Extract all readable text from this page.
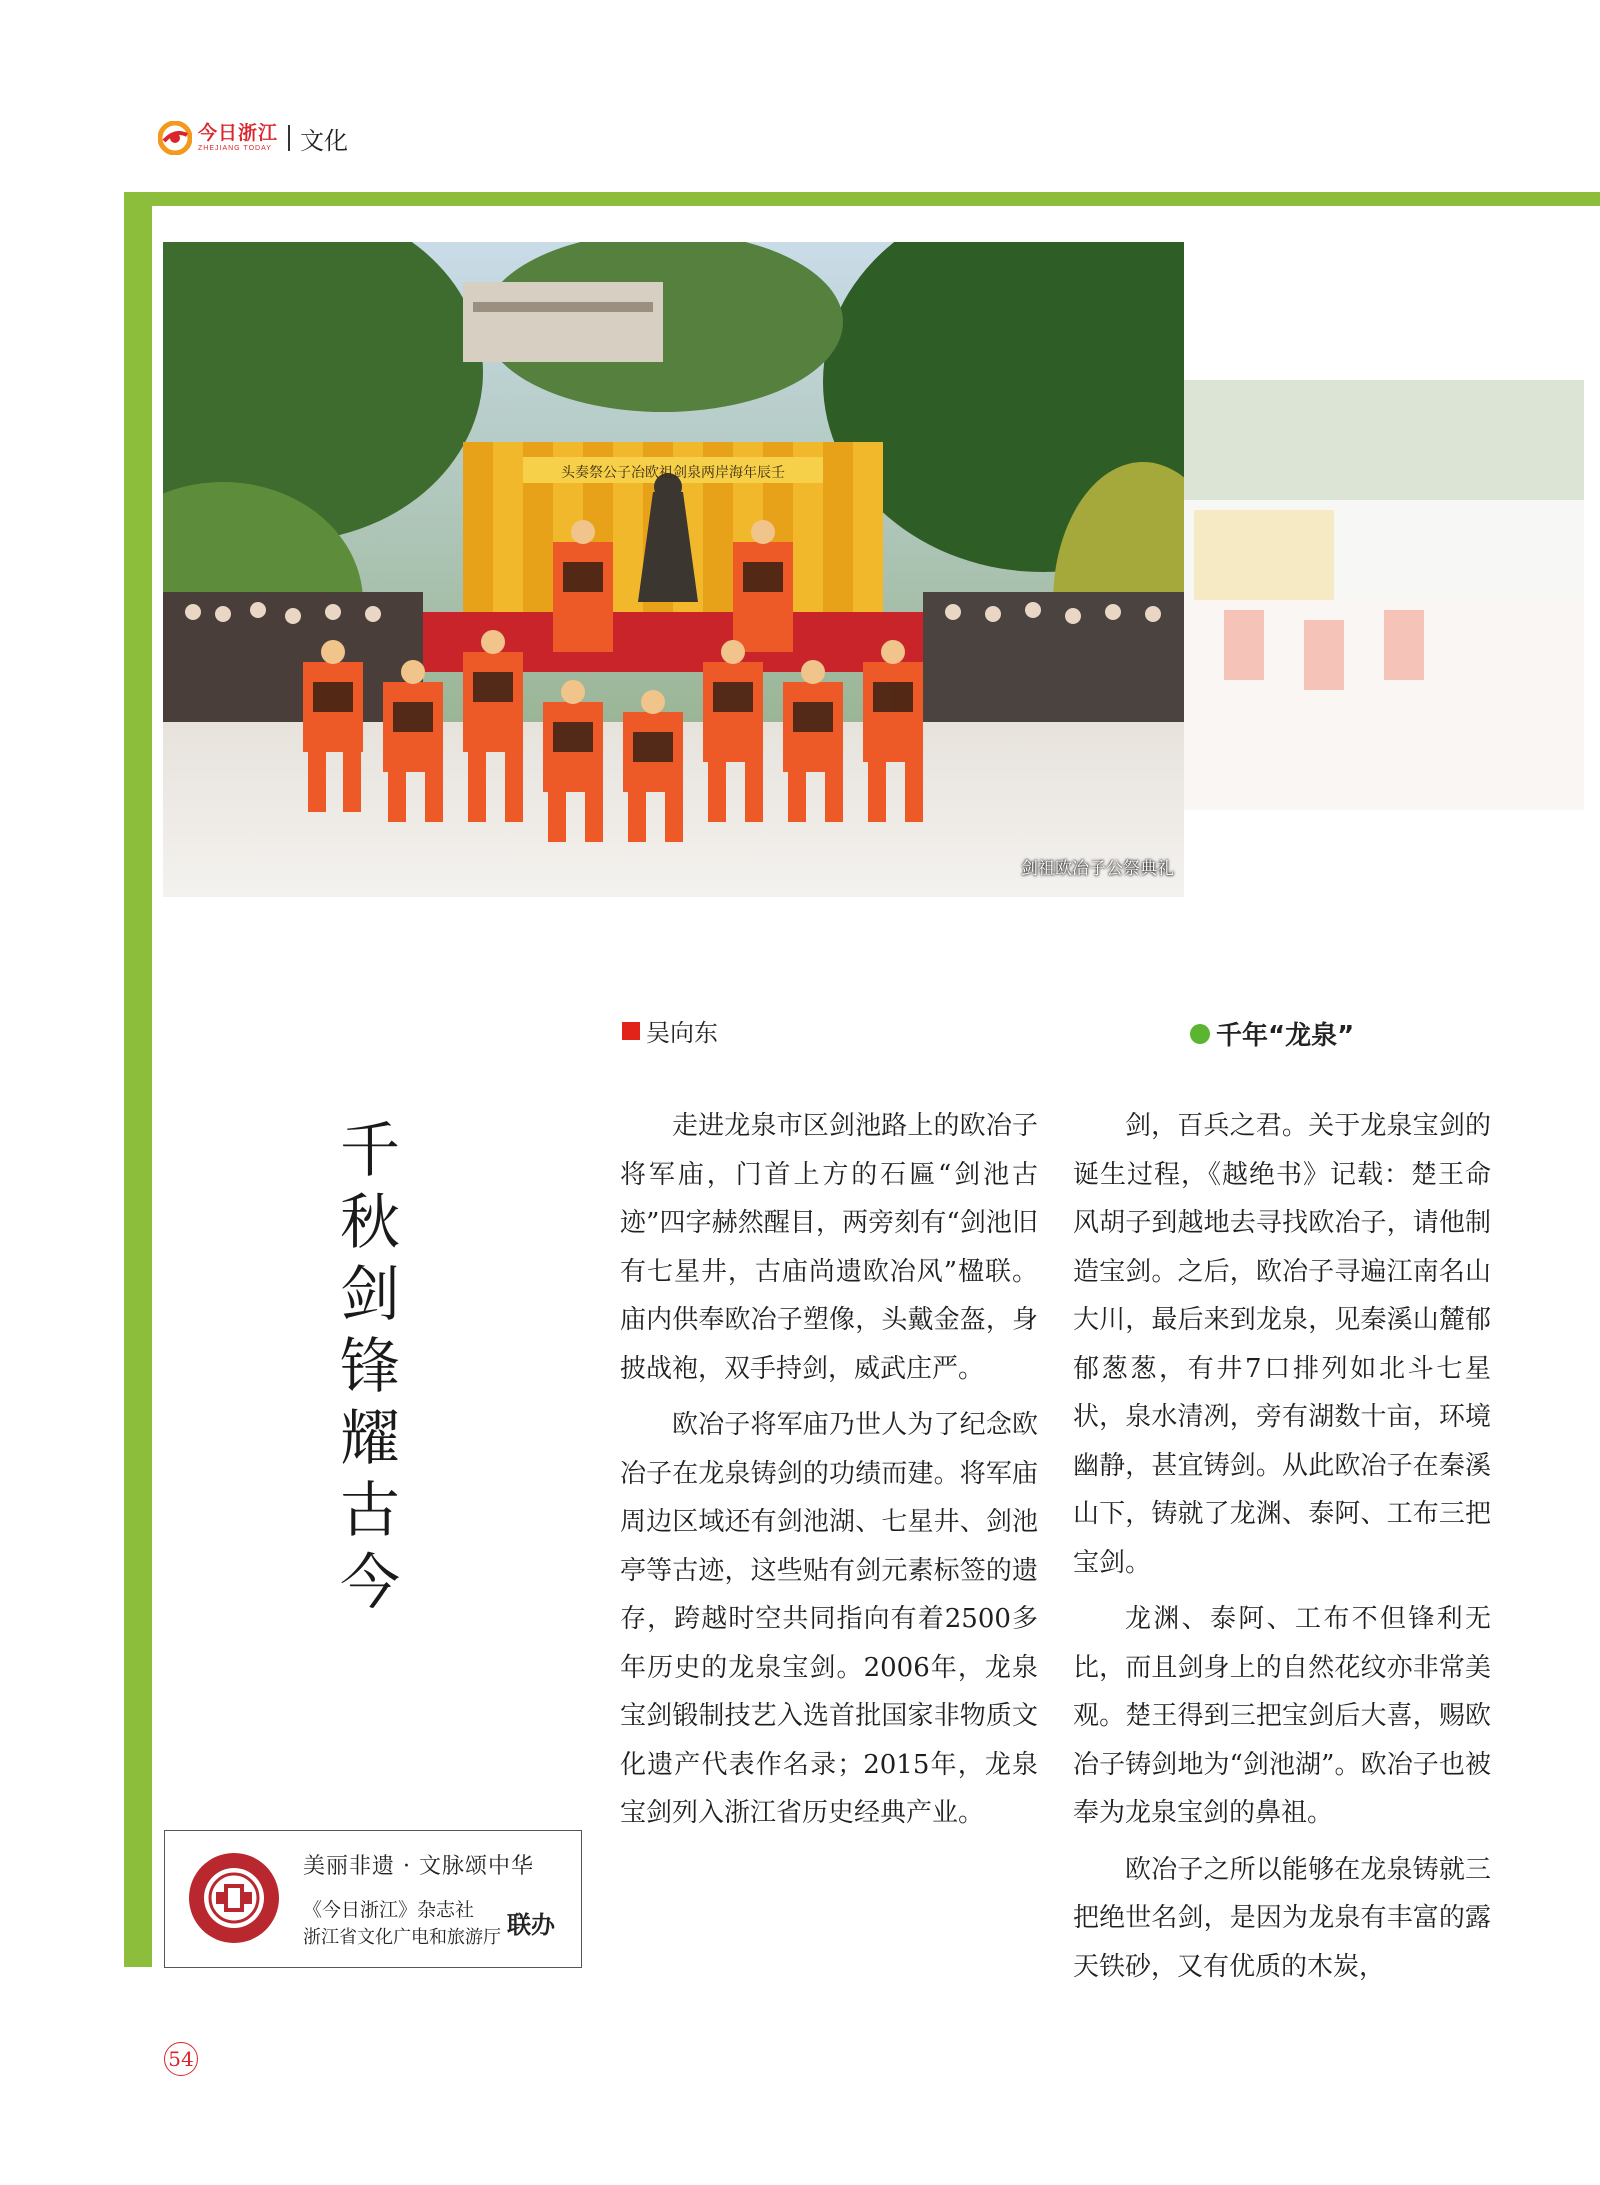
今日浙江
ZHEJIANG TODAY 文化
头奏祭公子冶欧祖剑泉两岸海年辰壬
剑祖欧冶子公祭典礼
千
秋
剑
锋
耀
古
今
吴向东	千年“龙泉”

走进龙泉市区剑池路上的欧冶子将军庙，门首上方的石匾“剑池古迹”四字赫然醒目，两旁刻有“剑池旧有七星井，古庙尚遗欧冶风”楹联。庙内供奉欧冶子塑像，头戴金盔，身披战袍，双手持剑，威武庄严。

欧冶子将军庙乃世人为了纪念欧冶子在龙泉铸剑的功绩而建。将军庙周边区域还有剑池湖、七星井、剑池亭等古迹，这些贴有剑元素标签的遗存，跨越时空共同指向有着2500多年历史的龙泉宝剑。2006年，龙泉宝剑锻制技艺入选首批国家非物质文化遗产代表作名录；2015年，龙泉宝剑列入浙江省历史经典产业。

剑，百兵之君。关于龙泉宝剑的诞生过程，《越绝书》记载：楚王命风胡子到越地去寻找欧冶子，请他制造宝剑。之后，欧冶子寻遍江南名山大川，最后来到龙泉，见秦溪山麓郁郁葱葱，有井7口排列如北斗七星状，泉水清冽，旁有湖数十亩，环境幽静，甚宜铸剑。从此欧冶子在秦溪山下，铸就了龙渊、泰阿、工布三把宝剑。

龙渊、泰阿、工布不但锋利无比，而且剑身上的自然花纹亦非常美观。楚王得到三把宝剑后大喜，赐欧冶子铸剑地为“剑池湖”。欧冶子也被奉为龙泉宝剑的鼻祖。

欧冶子之所以能够在龙泉铸就三把绝世名剑，是因为龙泉有丰富的露天铁砂，又有优质的木炭，

美丽非遗 · 文脉颂中华
《今日浙江》杂志社
浙江省文化广电和旅游厅 联办
54
